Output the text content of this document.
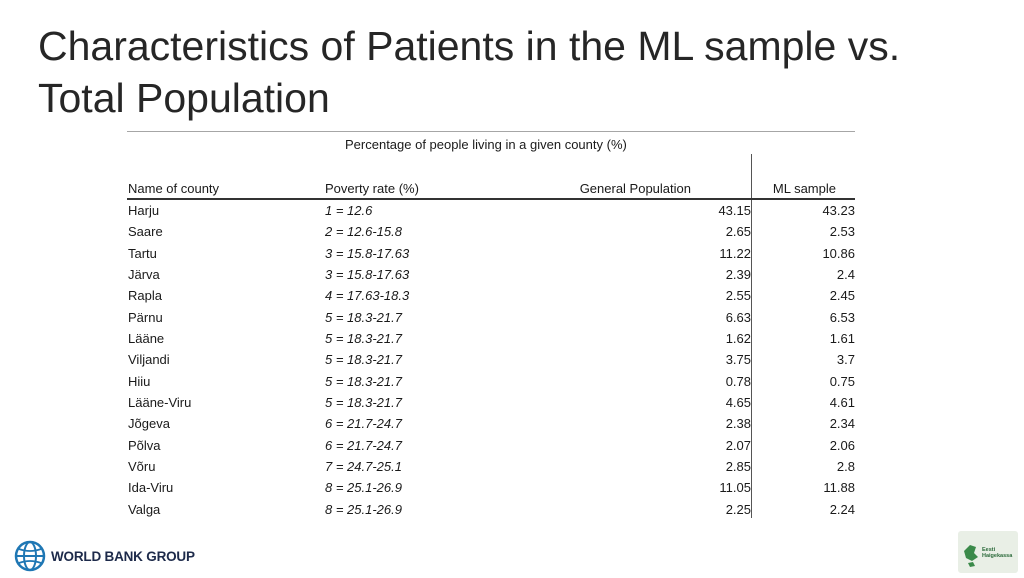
Characteristics of Patients in the ML sample vs.
Total Population
Percentage of people living in a given county (%)
Name of county	Poverty rate (%)	General Population	ML sample
Harju	1 = 12.6	43.15	43.23
Saare	2 = 12.6-15.8	2.65	2.53
Tartu	3 = 15.8-17.63	11.22	10.86
Järva	3 = 15.8-17.63	2.39	2.4
Rapla	4 = 17.63-18.3	2.55	2.45
Pärnu	5 = 18.3-21.7	6.63	6.53
Lääne	5 = 18.3-21.7	1.62	1.61
Viljandi	5 = 18.3-21.7	3.75	3.7
Hiiu	5 = 18.3-21.7	0.78	0.75
Lääne-Viru	5 = 18.3-21.7	4.65	4.61
Jõgeva	6 = 21.7-24.7	2.38	2.34
Põlva	6 = 21.7-24.7	2.07	2.06
Võru	7 = 24.7-25.1	2.85	2.8
Ida-Viru	8 = 25.1-26.9	11.05	11.88
Valga	8 = 25.1-26.9	2.25	2.24
WORLD BANK GROUP	Eesti
Haigekassa
